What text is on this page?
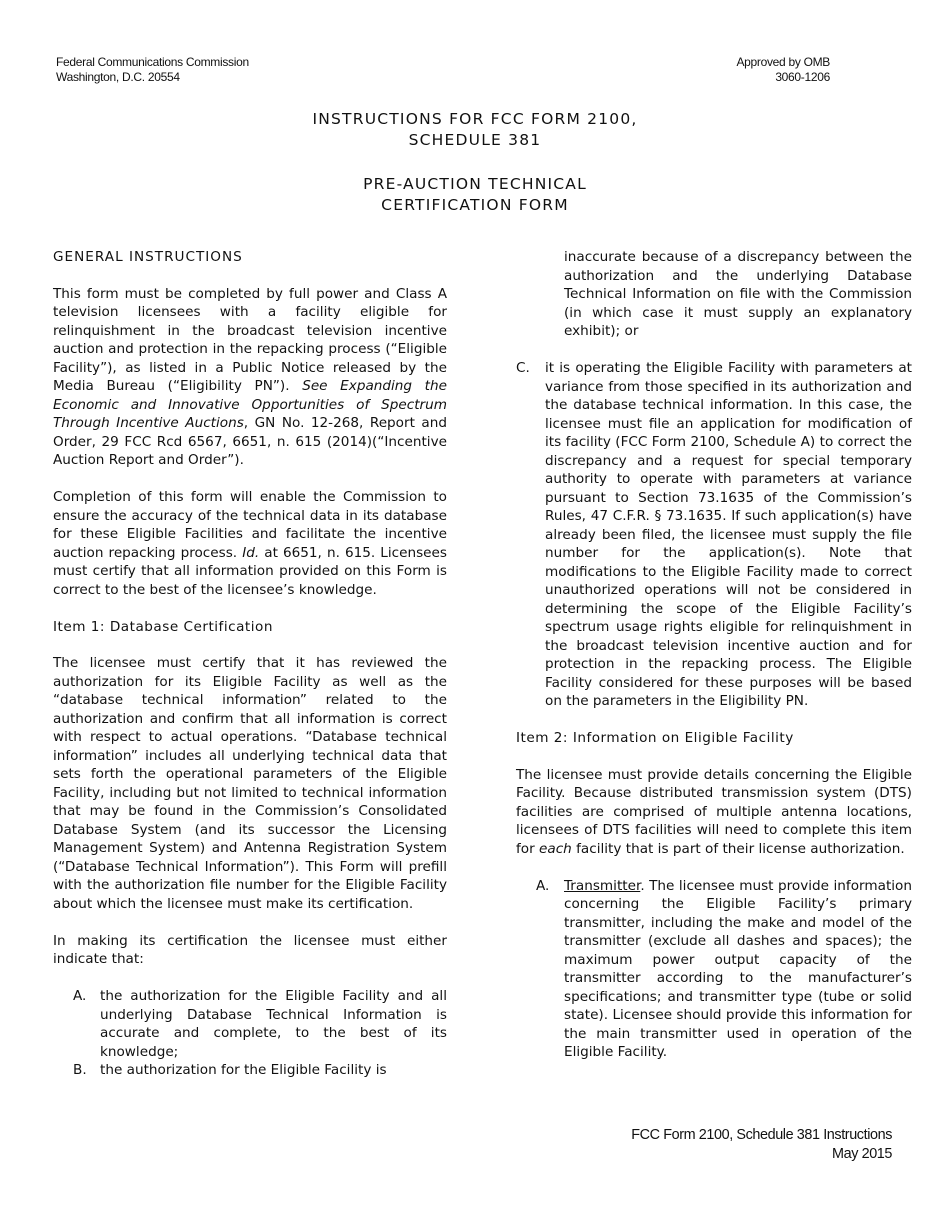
Federal Communications Commission
Washington, D.C. 20554
Approved by OMB
3060-1206
INSTRUCTIONS FOR FCC FORM 2100,
SCHEDULE 381
PRE-AUCTION TECHNICAL
CERTIFICATION FORM
GENERAL INSTRUCTIONS

This form must be completed by full power and Class A television licensees with a facility eligible for relinquishment in the broadcast television incentive auction and protection in the repacking process (“Eligible Facility”), as listed in a Public Notice released by the Media Bureau (“Eligibility PN”). See Expanding the Economic and Innovative Opportunities of Spectrum Through Incentive Auctions, GN No. 12-268, Report and Order, 29 FCC Rcd 6567, 6651, n. 615 (2014)(“Incentive Auction Report and Order”).

Completion of this form will enable the Commission to ensure the accuracy of the technical data in its database for these Eligible Facilities and facilitate the incentive auction repacking process. Id. at 6651, n. 615. Licensees must certify that all information provided on this Form is correct to the best of the licensee’s knowledge.

Item 1: Database Certification

The licensee must certify that it has reviewed the authorization for its Eligible Facility as well as the “database technical information” related to the authorization and confirm that all information is correct with respect to actual operations. “Database technical information” includes all underlying technical data that sets forth the operational parameters of the Eligible Facility, including but not limited to technical information that may be found in the Commission’s Consolidated Database System (and its successor the Licensing Management System) and Antenna Registration System (“Database Technical Information”). This Form will prefill with the authorization file number for the Eligible Facility about which the licensee must make its certification.

In making its certification the licensee must either indicate that:

A. the authorization for the Eligible Facility and all underlying Database Technical Information is accurate and complete, to the best of its knowledge;
B. the authorization for the Eligible Facility is
inaccurate because of a discrepancy between the authorization and the underlying Database Technical Information on file with the Commission (in which case it must supply an explanatory exhibit); or
C. it is operating the Eligible Facility with parameters at variance from those specified in its authorization and the database technical information. In this case, the licensee must file an application for modification of its facility (FCC Form 2100, Schedule A) to correct the discrepancy and a request for special temporary authority to operate with parameters at variance pursuant to Section 73.1635 of the Commission’s Rules, 47 C.F.R. § 73.1635. If such application(s) have already been filed, the licensee must supply the file number for the application(s). Note that modifications to the Eligible Facility made to correct unauthorized operations will not be considered in determining the scope of the Eligible Facility’s spectrum usage rights eligible for relinquishment in the broadcast television incentive auction and for protection in the repacking process. The Eligible Facility considered for these purposes will be based on the parameters in the Eligibility PN.
Item 2: Information on Eligible Facility

The licensee must provide details concerning the Eligible Facility. Because distributed transmission system (DTS) facilities are comprised of multiple antenna locations, licensees of DTS facilities will need to complete this item for each facility that is part of their license authorization.

A. Transmitter. The licensee must provide information concerning the Eligible Facility’s primary transmitter, including the make and model of the transmitter (exclude all dashes and spaces); the maximum power output capacity of the transmitter according to the manufacturer’s specifications; and transmitter type (tube or solid state). Licensee should provide this information for the main transmitter used in operation of the Eligible Facility.
FCC Form 2100, Schedule 381 Instructions
May 2015
